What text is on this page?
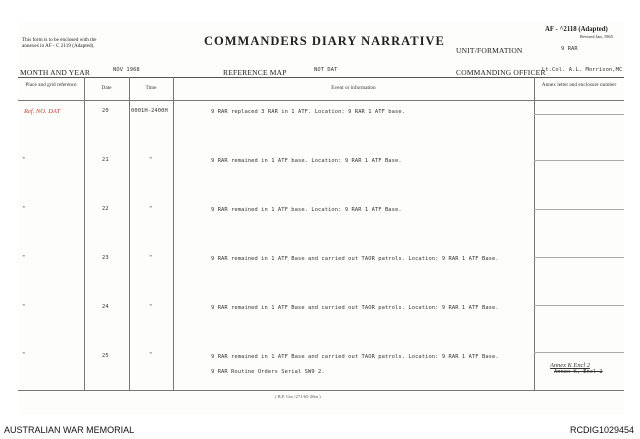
This form is to be enclosed with the
annexes in AF - C 2119 (Adapted).	COMMANDERS DIARY NARRATIVE
AF - ^2118 (Adapted)
Revised Jan, 1965
UNIT/FORMATION	9 RAR
MONTH AND YEAR	NOV 1968	REFERENCE MAP	NOT DAT	COMMANDING OFFICER
Lt.Col. A.L. Morrison,MC
Place and grid reference	Date	Time	Event or information	Annex letter and enclosure number
Ref. NO. DAT	20	0001H-2400H	9 RAR replaced 3 RAR in 1 ATF. Location: 9 RAR 1 ATF base.
"	21	"	9 RAR remained in 1 ATF base. Location: 9 RAR 1 ATF Base.
"	22	"	9 RAR remained in 1 ATF base. Location: 9 RAR 1 ATF Base.
"	23	"	9 RAR remained in 1 ATF Base and carried out TAOR patrols. Location: 9 RAR 1 ATF Base.
"	24	"	9 RAR remained in 1 ATF Base and carried out TAOR patrols. Location: 9 RAR 1 ATF Base.
"	25	"	9 RAR remained in 1 ATF Base and carried out TAOR patrols. Location: 9 RAR 1 ATF Base.
9 RAR Routine Orders Serial SW9 2.
Annex K Encl 2
Annex K, Encl 2
( B.P. Cm.-271/65-20m )
AUSTRALIAN WAR MEMORIAL	RCDIG1029454
